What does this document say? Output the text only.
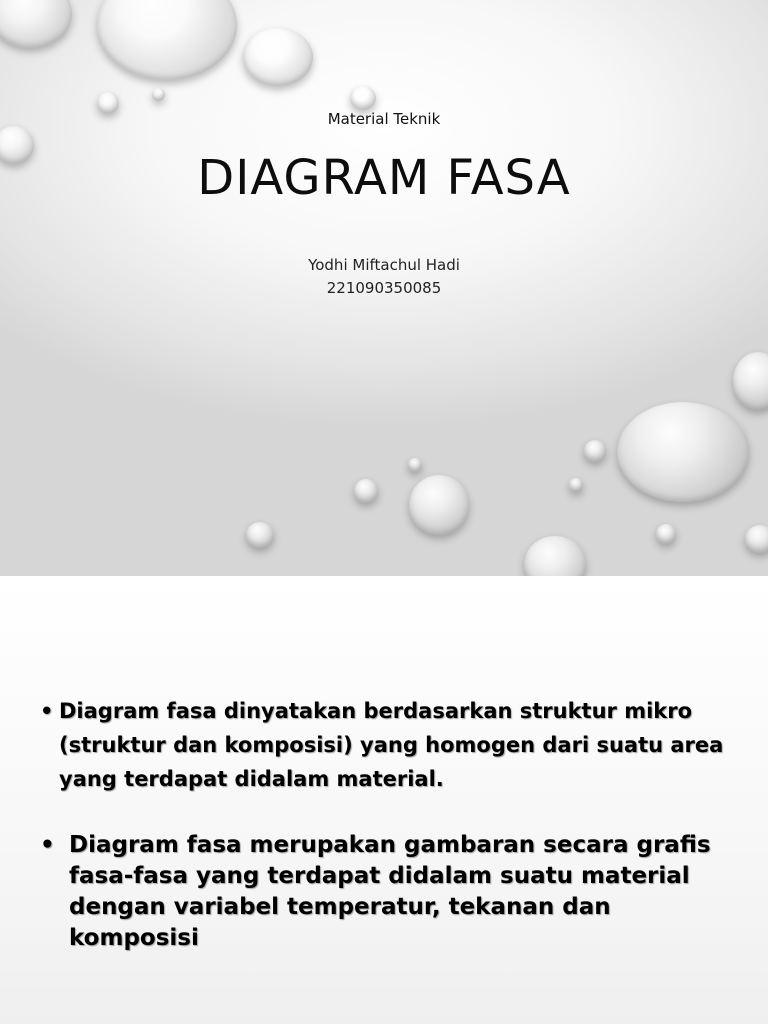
Material Teknik
DIAGRAM FASA
Yodhi Miftachul Hadi
221090350085
• Diagram fasa dinyatakan berdasarkan struktur mikro (struktur dan komposisi) yang homogen dari suatu area yang terdapat didalam material.
• Diagram fasa merupakan gambaran secara grafis fasa-fasa yang terdapat didalam suatu material dengan variabel temperatur, tekanan dan komposisi
